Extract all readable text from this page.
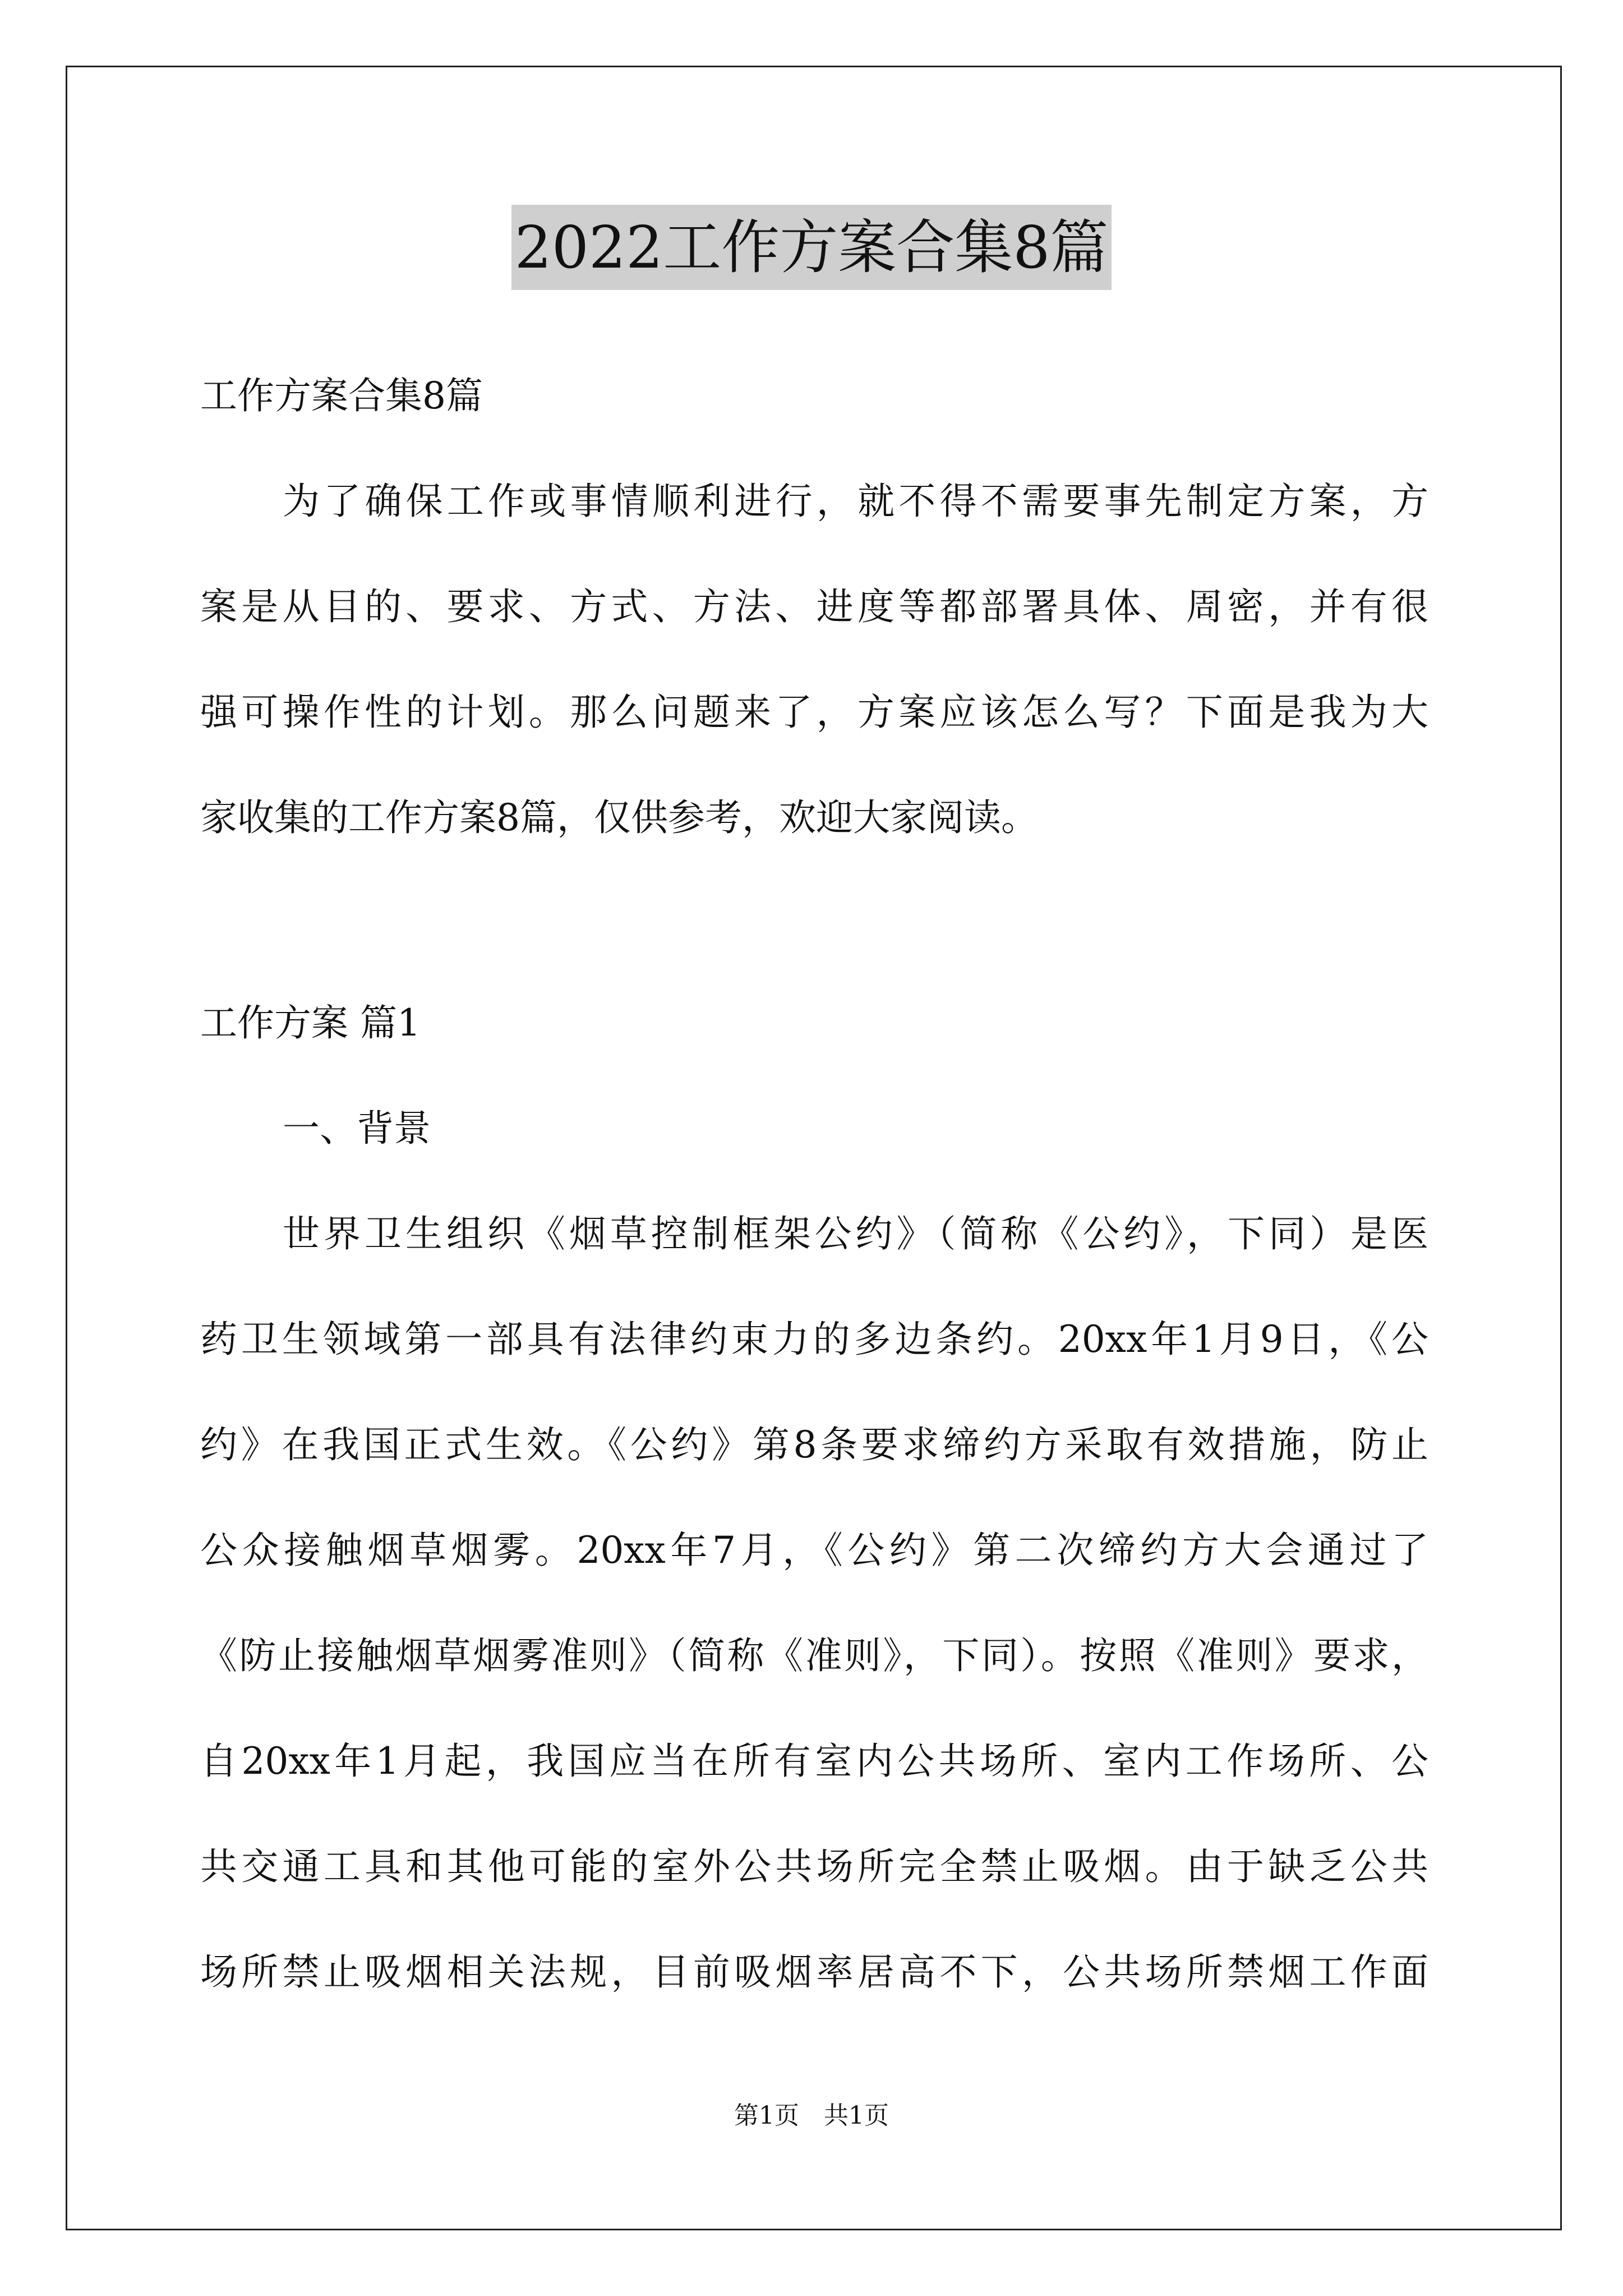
2022工作方案合集8篇

工作方案合集8篇

为了确保工作或事情顺利进行，就不得不需要事先制定方案，方
案是从目的、要求、方式、方法、进度等都部署具体、周密，并有很
强可操作性的计划。那么问题来了，方案应该怎么写？下面是我为大
家收集的工作方案8篇，仅供参考，欢迎大家阅读。

工作方案 篇1

一、背景

世界卫生组织《烟草控制框架公约》（简称《公约》，下同）是医
药卫生领域第一部具有法律约束力的多边条约。20xx年1月9日，《公
约》在我国正式生效。《公约》第8条要求缔约方采取有效措施，防止
公众接触烟草烟雾。20xx年7月，《公约》第二次缔约方大会通过了
《防止接触烟草烟雾准则》（简称《准则》，下同）。按照《准则》要求，
自20xx年1月起，我国应当在所有室内公共场所、室内工作场所、公
共交通工具和其他可能的室外公共场所完全禁止吸烟。由于缺乏公共
场所禁止吸烟相关法规，目前吸烟率居高不下，公共场所禁烟工作面

第1页　共1页
